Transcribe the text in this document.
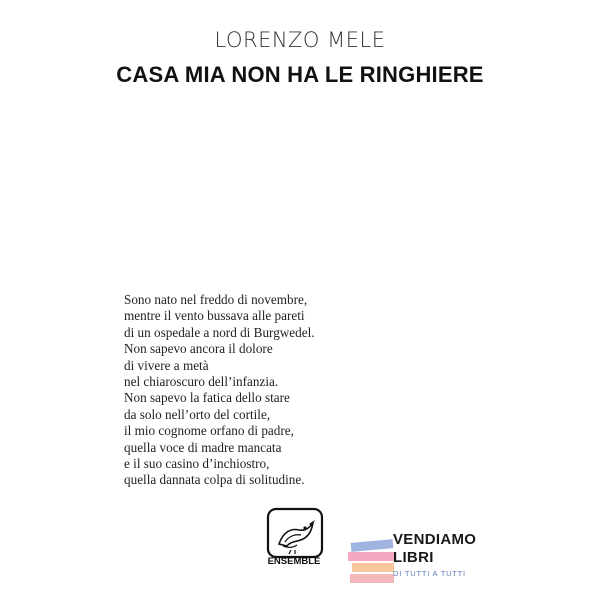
LORENZO MELE
CASA MIA NON HA LE RINGHIERE
Sono nato nel freddo di novembre,
mentre il vento bussava alle pareti
di un ospedale a nord di Burgwedel.
Non sapevo ancora il dolore
di vivere a metà
nel chiaroscuro dell’infanzia.
Non sapevo la fatica dello stare
da solo nell’orto del cortile,
il mio cognome orfano di padre,
quella voce di madre mancata
e il suo casino d’inchiostro,
quella dannata colpa di solitudine.
ENSEMBLE
VENDIAMO
LIBRI
DI TUTTI A TUTTI
